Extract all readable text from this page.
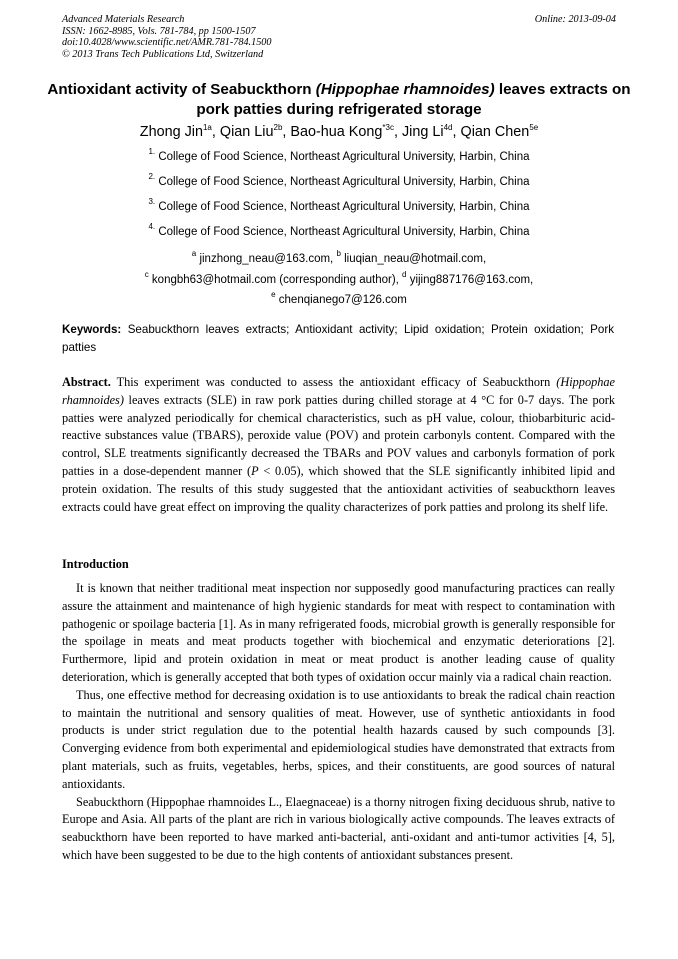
Advanced Materials Research
ISSN: 1662-8985, Vols. 781-784, pp 1500-1507
doi:10.4028/www.scientific.net/AMR.781-784.1500
© 2013 Trans Tech Publications Ltd, Switzerland
Online: 2013-09-04
Antioxidant activity of Seabuckthorn (Hippophae rhamnoides) leaves extracts on pork patties during refrigerated storage
Zhong Jin$^{1a}$, Qian Liu$^{2b}$, Bao-hua Kong$^{*3c}$, Jing $Li^{4d}$, Qian Chen$^{5e}$
$^{1.}$ College of Food Science, Northeast Agricultural University, Harbin, China
$^{2.}$ College of Food Science, Northeast Agricultural University, Harbin, China
$^{3.}$ College of Food Science, Northeast Agricultural University, Harbin, China
$^{4.}$ College of Food Science, Northeast Agricultural University, Harbin, China
$^a$ jinzhong_neau@163.com, $^b$ liuqian_neau@hotmail.com,
$^c$ kongbh63@hotmail.com (corresponding author), $^d$ yijing887176@163.com,
$^e$ chenqianego7@126.com
Keywords: Seabuckthorn leaves extracts; Antioxidant activity; Lipid oxidation; Protein oxidation; Pork patties
Abstract. This experiment was conducted to assess the antioxidant efficacy of Seabuckthorn (Hippophae rhamnoides) leaves extracts (SLE) in raw pork patties during chilled storage at 4 °C for 0-7 days. The pork patties were analyzed periodically for chemical characteristics, such as pH value, colour, thiobarbituric acid-reactive substances value (TBARS), peroxide value (POV) and protein carbonyls content. Compared with the control, SLE treatments significantly decreased the TBARs and POV values and carbonyls formation of pork patties in a dose-dependent manner (P < 0.05), which showed that the SLE significantly inhibited lipid and protein oxidation. The results of this study suggested that the antioxidant activities of seabuckthorn leaves extracts could have great effect on improving the quality characterizes of pork patties and prolong its shelf life.
Introduction

It is known that neither traditional meat inspection nor supposedly good manufacturing practices can really assure the attainment and maintenance of high hygienic standards for meat with respect to contamination with pathogenic or spoilage bacteria [1]. As in many refrigerated foods, microbial growth is generally responsible for the spoilage in meats and meat products together with biochemical and enzymatic deteriorations [2]. Furthermore, lipid and protein oxidation in meat or meat product is another leading cause of quality deterioration, which is generally accepted that both types of oxidation occur mainly via a radical chain reaction.

Thus, one effective method for decreasing oxidation is to use antioxidants to break the radical chain reaction to maintain the nutritional and sensory qualities of meat. However, use of synthetic antioxidants in food products is under strict regulation due to the potential health hazards caused by such compounds [3]. Converging evidence from both experimental and epidemiological studies have demonstrated that extracts from plant materials, such as fruits, vegetables, herbs, spices, and their constituents, are good sources of natural antioxidants.

Seabuckthorn (Hippophae rhamnoides L., Elaegnaceae) is a thorny nitrogen fixing deciduous shrub, native to Europe and Asia. All parts of the plant are rich in various biologically active compounds. The leaves extracts of seabuckthorn have been reported to have marked anti-bacterial, anti-oxidant and anti-tumor activities [4, 5], which have been suggested to be due to the high contents of antioxidant substances present.
